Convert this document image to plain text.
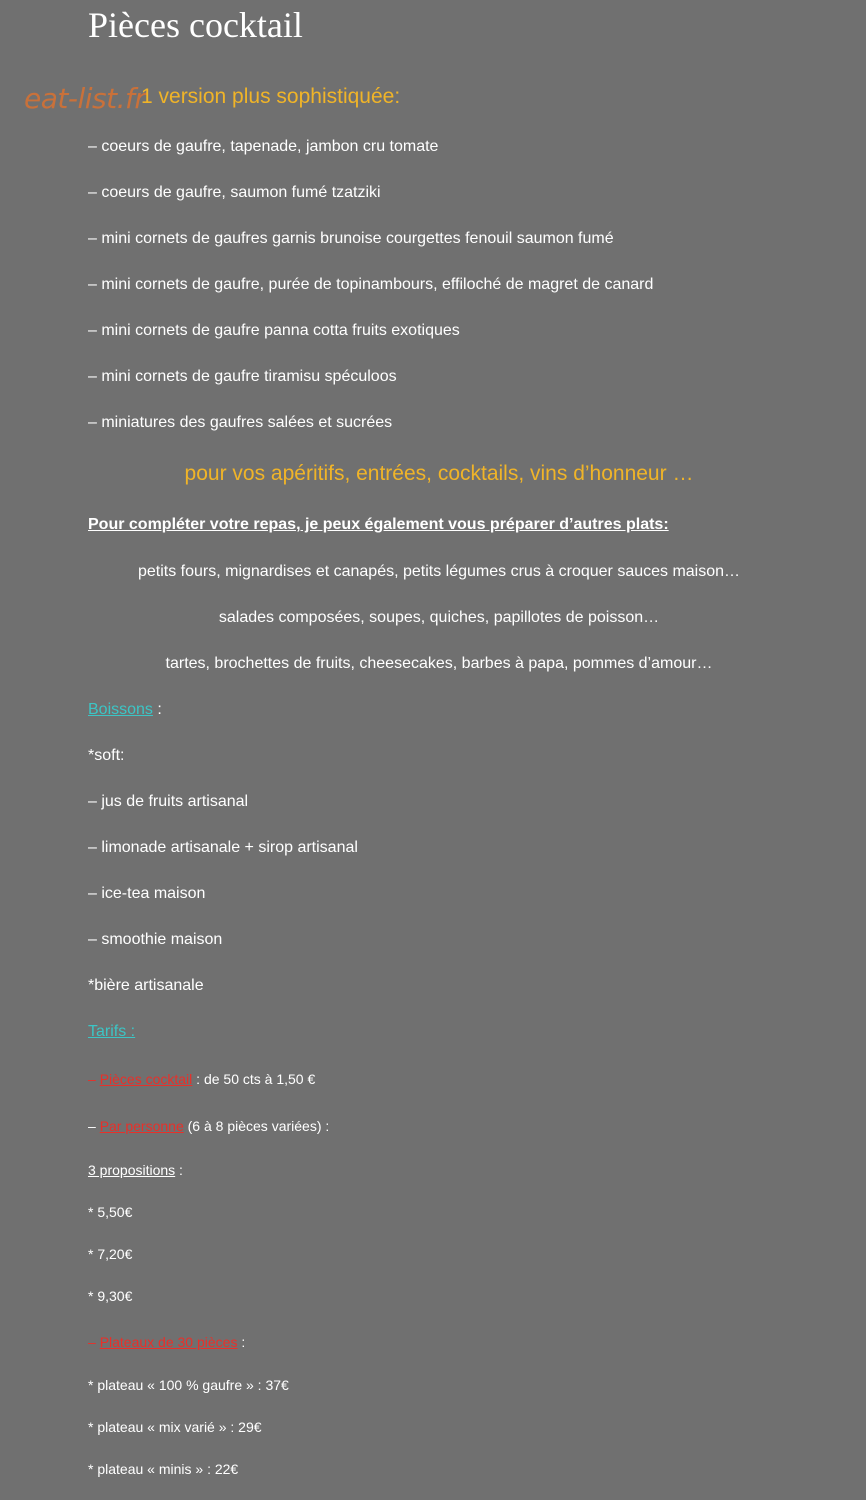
Pièces cocktail
eat-list.fr
1 version plus sophistiquée:
– coeurs de gaufre, tapenade, jambon cru tomate
– coeurs de gaufre, saumon fumé tzatziki
– mini cornets de gaufres garnis brunoise courgettes fenouil saumon fumé
– mini cornets de gaufre, purée de topinambours, effiloché de magret de canard
– mini cornets de gaufre panna cotta fruits exotiques
– mini cornets de gaufre tiramisu spéculoos
– miniatures des gaufres salées et sucrées
pour vos apéritifs, entrées, cocktails, vins d’honneur …
Pour compléter votre repas, je peux également vous préparer d’autres plats:
petits fours, mignardises et canapés, petits légumes crus à croquer sauces maison…
salades composées, soupes, quiches, papillotes de poisson…
tartes, brochettes de fruits, cheesecakes, barbes à papa, pommes d’amour…
Boissons :
*soft:
– jus de fruits artisanal
– limonade artisanale + sirop artisanal
– ice-tea maison
– smoothie maison
*bière artisanale
Tarifs :
– Pièces cocktail : de 50 cts à 1,50 €
– Par personne (6 à 8 pièces variées) :
3 propositions :
* 5,50€
* 7,20€
* 9,30€
– Plateaux de 30 pièces :
* plateau « 100 % gaufre » : 37€
* plateau « mix varié » : 29€
* plateau « minis » : 22€
